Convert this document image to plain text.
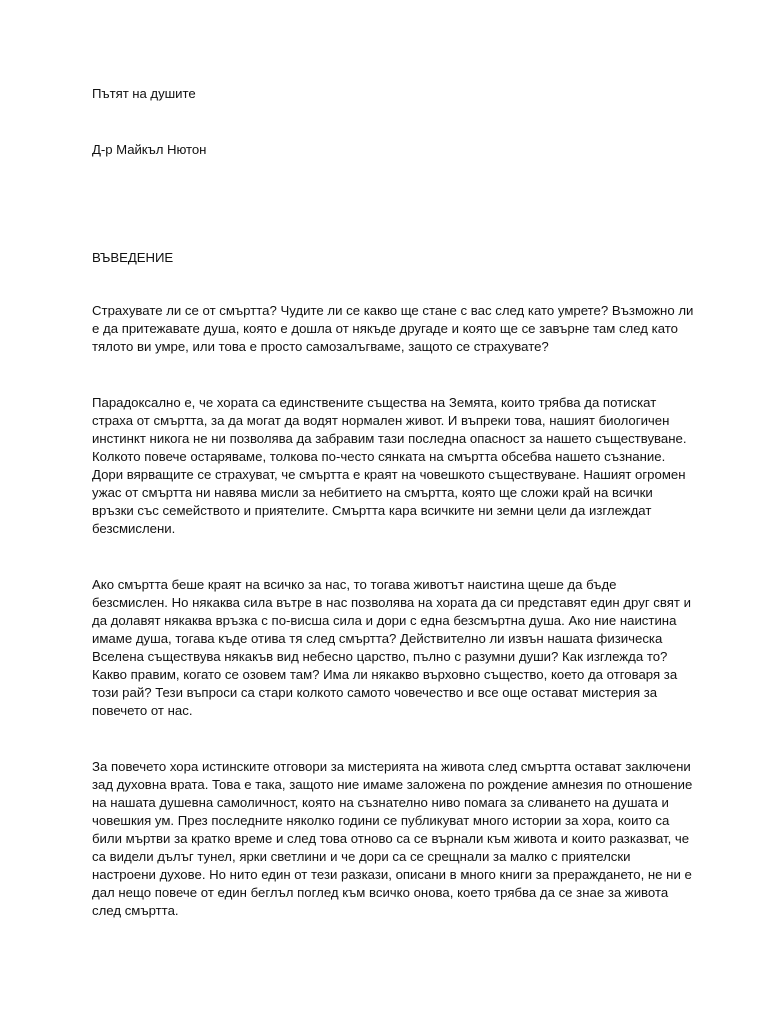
Пътят на душите

Д-р Майкъл Нютон

ВЪВЕДЕНИЕ

Страхувате ли се от смъртта? Чудите ли се какво ще стане с вас след като умрете? Възможно ли е да притежавате душа, която е дошла от някъде другаде и която ще се завърне там след като тялото ви умре, или това е просто самозалъгваме, защото се страхувате?

Парадоксално е, че хората са единствените същества на Земята, които трябва да потискат страха от смъртта, за да могат да водят нормален живот. И въпреки това, нашият биологичен инстинкт никога не ни позволява да забравим тази последна опасност за нашето съществуване. Колкото повече остаряваме, толкова по-често сянката на смъртта обсебва нашето съзнание. Дори вярващите се страхуват, че смъртта е краят на човешкото съществуване. Нашият огромен ужас от смъртта ни навява мисли за небитието на смъртта, която ще сложи край на всички връзки със семейството и приятелите. Смъртта кара всичките ни земни цели да изглеждат безсмислени.

Ако смъртта беше краят на всичко за нас, то тогава животът наистина щеше да бъде безсмислен. Но някаква сила вътре в нас позволява на хората да си представят един друг свят и да долавят някаква връзка с по-висша сила и дори с една безсмъртна душа. Ако ние наистина имаме душа, тогава къде отива тя след смъртта? Действително ли извън нашата физическа Вселена съществува някакъв вид небесно царство, пълно с разумни души? Как изглежда то? Какво правим, когато се озовем там? Има ли някакво върховно същество, което да отговаря за този рай? Тези въпроси са стари колкото самото човечество и все още остават мистерия за повечето от нас.

За повечето хора истинските отговори за мистерията на живота след смъртта остават заключени зад духовна врата. Това е така, защото ние имаме заложена по рождение амнезия по отношение на нашата душевна самоличност, която на съзнателно ниво помага за сливането на душата и човешкия ум. През последните няколко години се публикуват много истории за хора, които са били мъртви за кратко време и след това отново са се върнали към живота и които разказват, че са видели дълъг тунел, ярки светлини и че дори са се срещнали за малко с приятелски настроени духове. Но нито един от тези разкази, описани в много книги за прераждането, не ни е дал нещо повече от един беглъл поглед към всичко онова, което трябва да се знае за живота след смъртта.
